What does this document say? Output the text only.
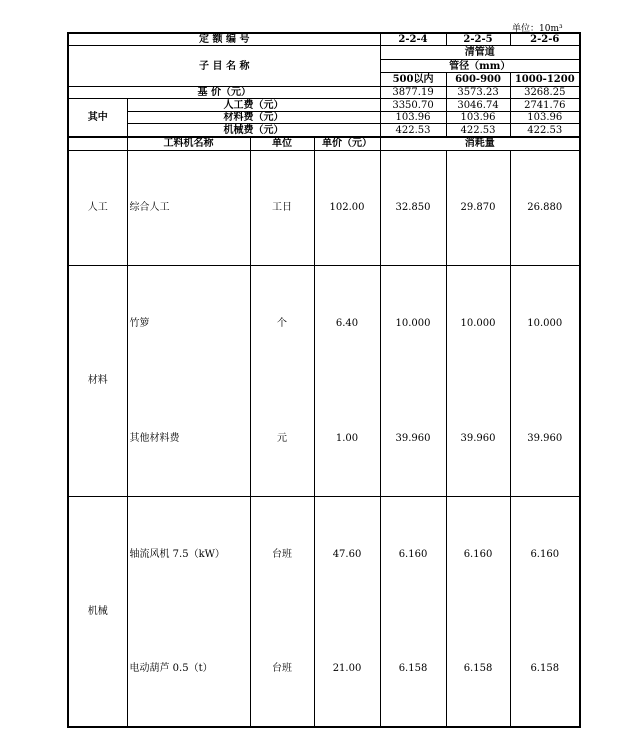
单位：10m³
定 额 编 号				2-2-4	2-2-5	2-2-6
子 目 名 称				清管道		
				管径（mm）		
				500以内	600-900	1000-1200
基 价（元）				3877.19	3573.23	3268.25
其中	人工费（元）			3350.70	3046.74	2741.76
	材料费（元）			103.96	103.96	103.96
	机械费（元）			422.53	422.53	422.53
	工料机名称	单位	单价（元）	消耗量		
人工	综合人工	工日	102.00	32.850	29.870	26.880
材料	竹箩	个	6.40	10.000	10.000	10.000
	其他材料费	元	1.00	39.960	39.960	39.960
机械	轴流风机 7.5（kW）	台班	47.60	6.160	6.160	6.160
	电动葫芦 0.5（t）	台班	21.00	6.158	6.158	6.158
